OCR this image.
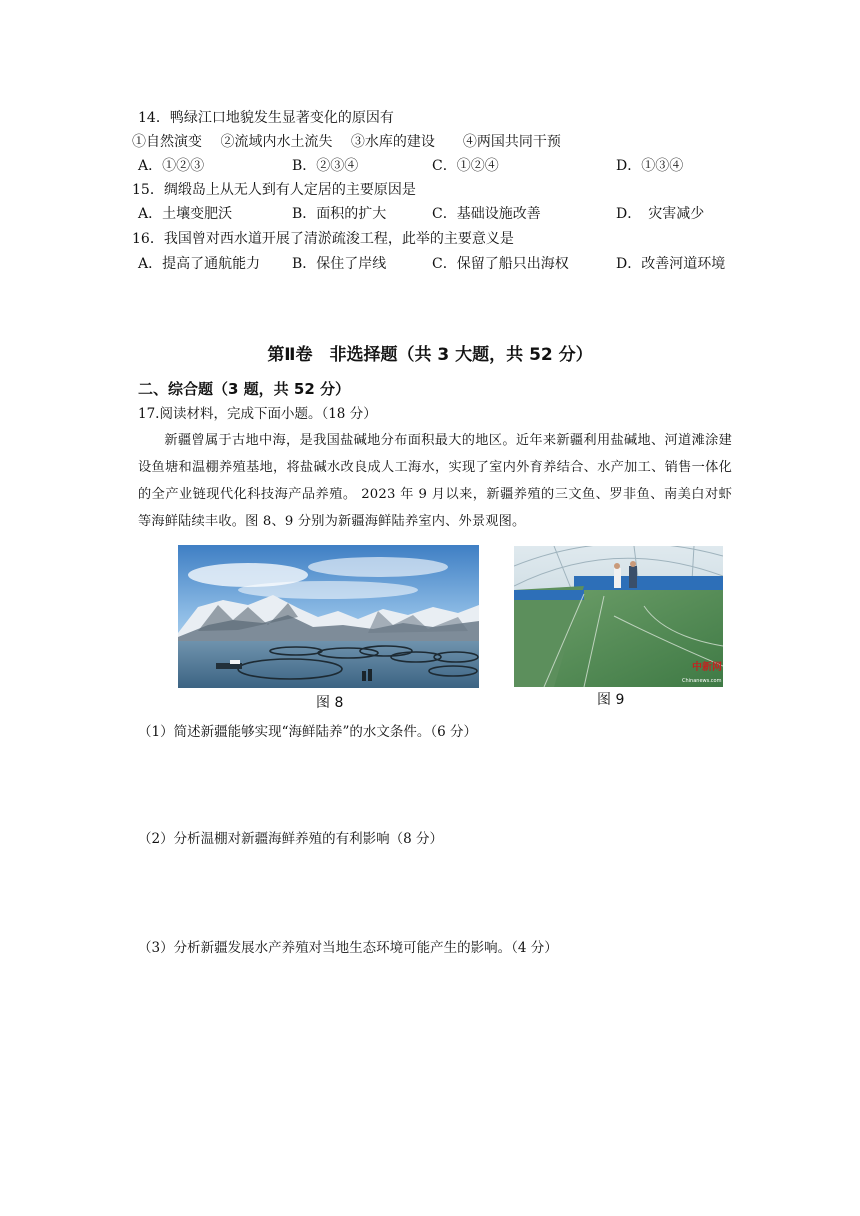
14．鸭绿江口地貌发生显著变化的原因有
①自然演变　 ②流域内水土流失　 ③水库的建设　　④两国共同干预
A．①②③	B．②③④	C．①②④	D．①③④
15．绸缎岛上从无人到有人定居的主要原因是
A．土壤变肥沃	B．面积的扩大	C．基础设施改善	D．　灾害减少
16．我国曾对西水道开展了清淤疏浚工程，此举的主要意义是
A．提高了通航能力 B．保住了岸线	C．保留了船只出海权	D．改善河道环境
第Ⅱ卷　非选择题（共 3 大题，共 52 分）
二、综合题（3 题，共 52 分）
17.阅读材料，完成下面小题。（18 分）
新疆曾属于古地中海，是我国盐碱地分布面积最大的地区。近年来新疆利用盐碱地、河道滩涂建设鱼塘和温棚养殖基地，将盐碱水改良成人工海水，实现了室内外育养结合、水产加工、销售一体化的全产业链现代化科技海产品养殖。 2023 年 9 月以来，新疆养殖的三文鱼、罗非鱼、南美白对虾等海鲜陆续丰收。图 8、9 分别为新疆海鲜陆养室内、外景观图。
图 8
中新网
Chinanews.com
图 9
（1）简述新疆能够实现“海鲜陆养”的水文条件。（6 分）
（2）分析温棚对新疆海鲜养殖的有利影响（8 分）
（3）分析新疆发展水产养殖对当地生态环境可能产生的影响。（4 分）
